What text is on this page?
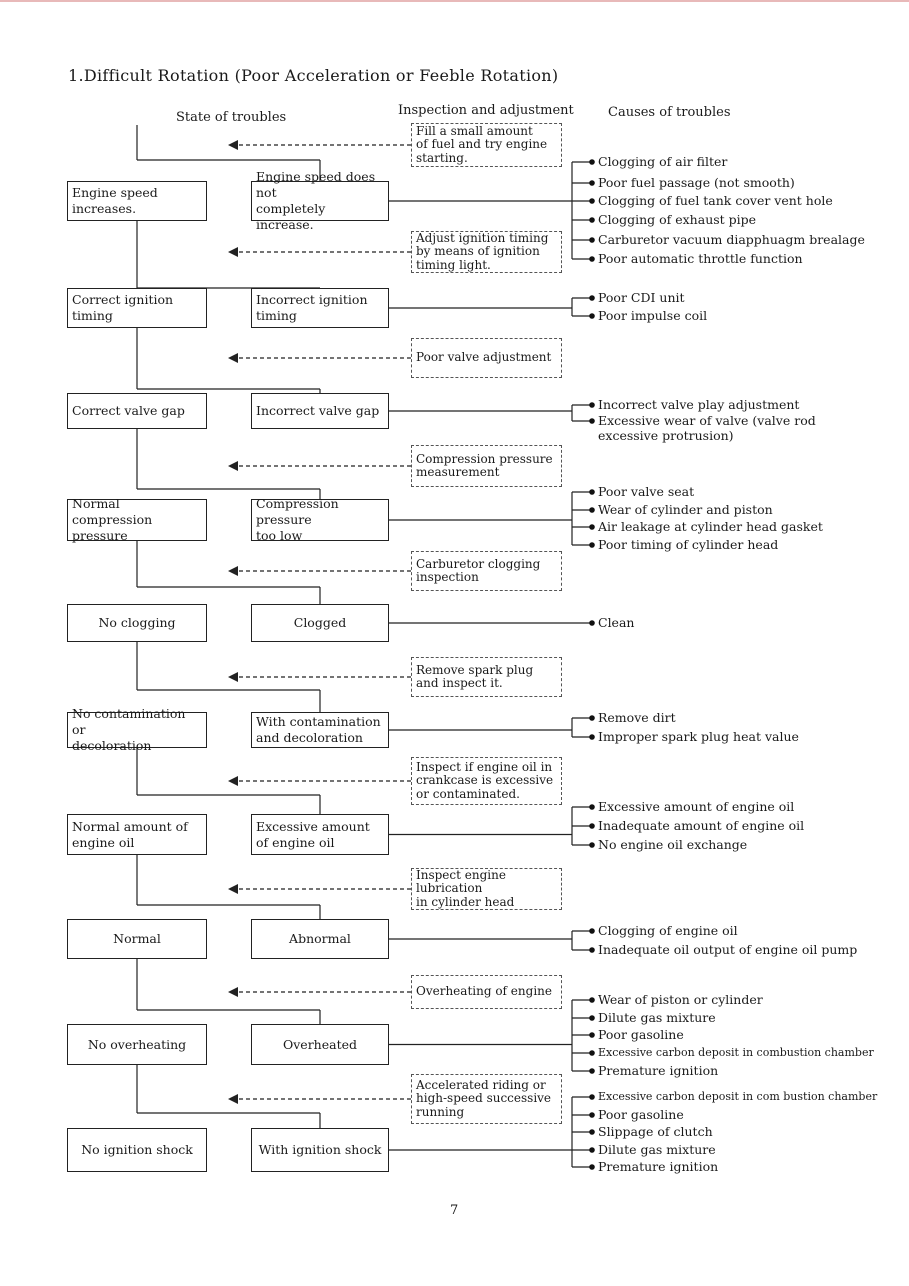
1.Difficult Rotation (Poor Acceleration or Feeble Rotation)
State of troubles	Inspection and adjustment	Causes of troubles
Fill a small amount
of fuel and try engine
starting.
Engine speed
increases.
Engine speed does not
completely increase.
Clogging of air filter
Poor fuel passage (not smooth)
Clogging of fuel tank cover vent hole
Clogging of exhaust pipe
Carburetor vacuum diapphuagm brealage
Poor automatic throttle function
Adjust ignition timing
by means of ignition
timing light.
Correct ignition
timing
Incorrect ignition
timing
Poor CDI unit
Poor impulse coil
Poor valve adjustment
Correct valve gap	Incorrect valve gap	Incorrect valve play adjustment
Excessive wear of valve (valve rod
excessive protrusion)
Compression pressure
measurement
Normal compression
pressure
Compression pressure
too low
Poor valve seat
Wear of cylinder and piston
Air leakage at cylinder head gasket
Poor timing of cylinder head
Carburetor clogging
inspection
No clogging	Clogged	Clean
Remove spark plug
and inspect it.
No contamination or
decoloration
With contamination
and decoloration
Remove dirt
Improper spark plug heat value
Inspect if engine oil in
crankcase is excessive
or contaminated.
Normal amount of
engine oil
Excessive amount
of engine oil
Excessive amount of engine oil
Inadequate amount of engine oil
No engine oil exchange
Inspect engine lubrication
in cylinder head
Normal	Abnormal
Clogging of engine oil
Inadequate oil output of engine oil pump
Overheating of engine
No overheating	Overheated
Wear of piston or cylinder
Dilute gas mixture
Poor gasoline
Excessive carbon deposit in combustion chamber
Premature ignition
Accelerated riding or
high-speed successive
running
No ignition shock	With ignition shock
Excessive carbon deposit in com bustion chamber
Poor gasoline
Slippage of clutch
Dilute gas mixture
Premature ignition
7
